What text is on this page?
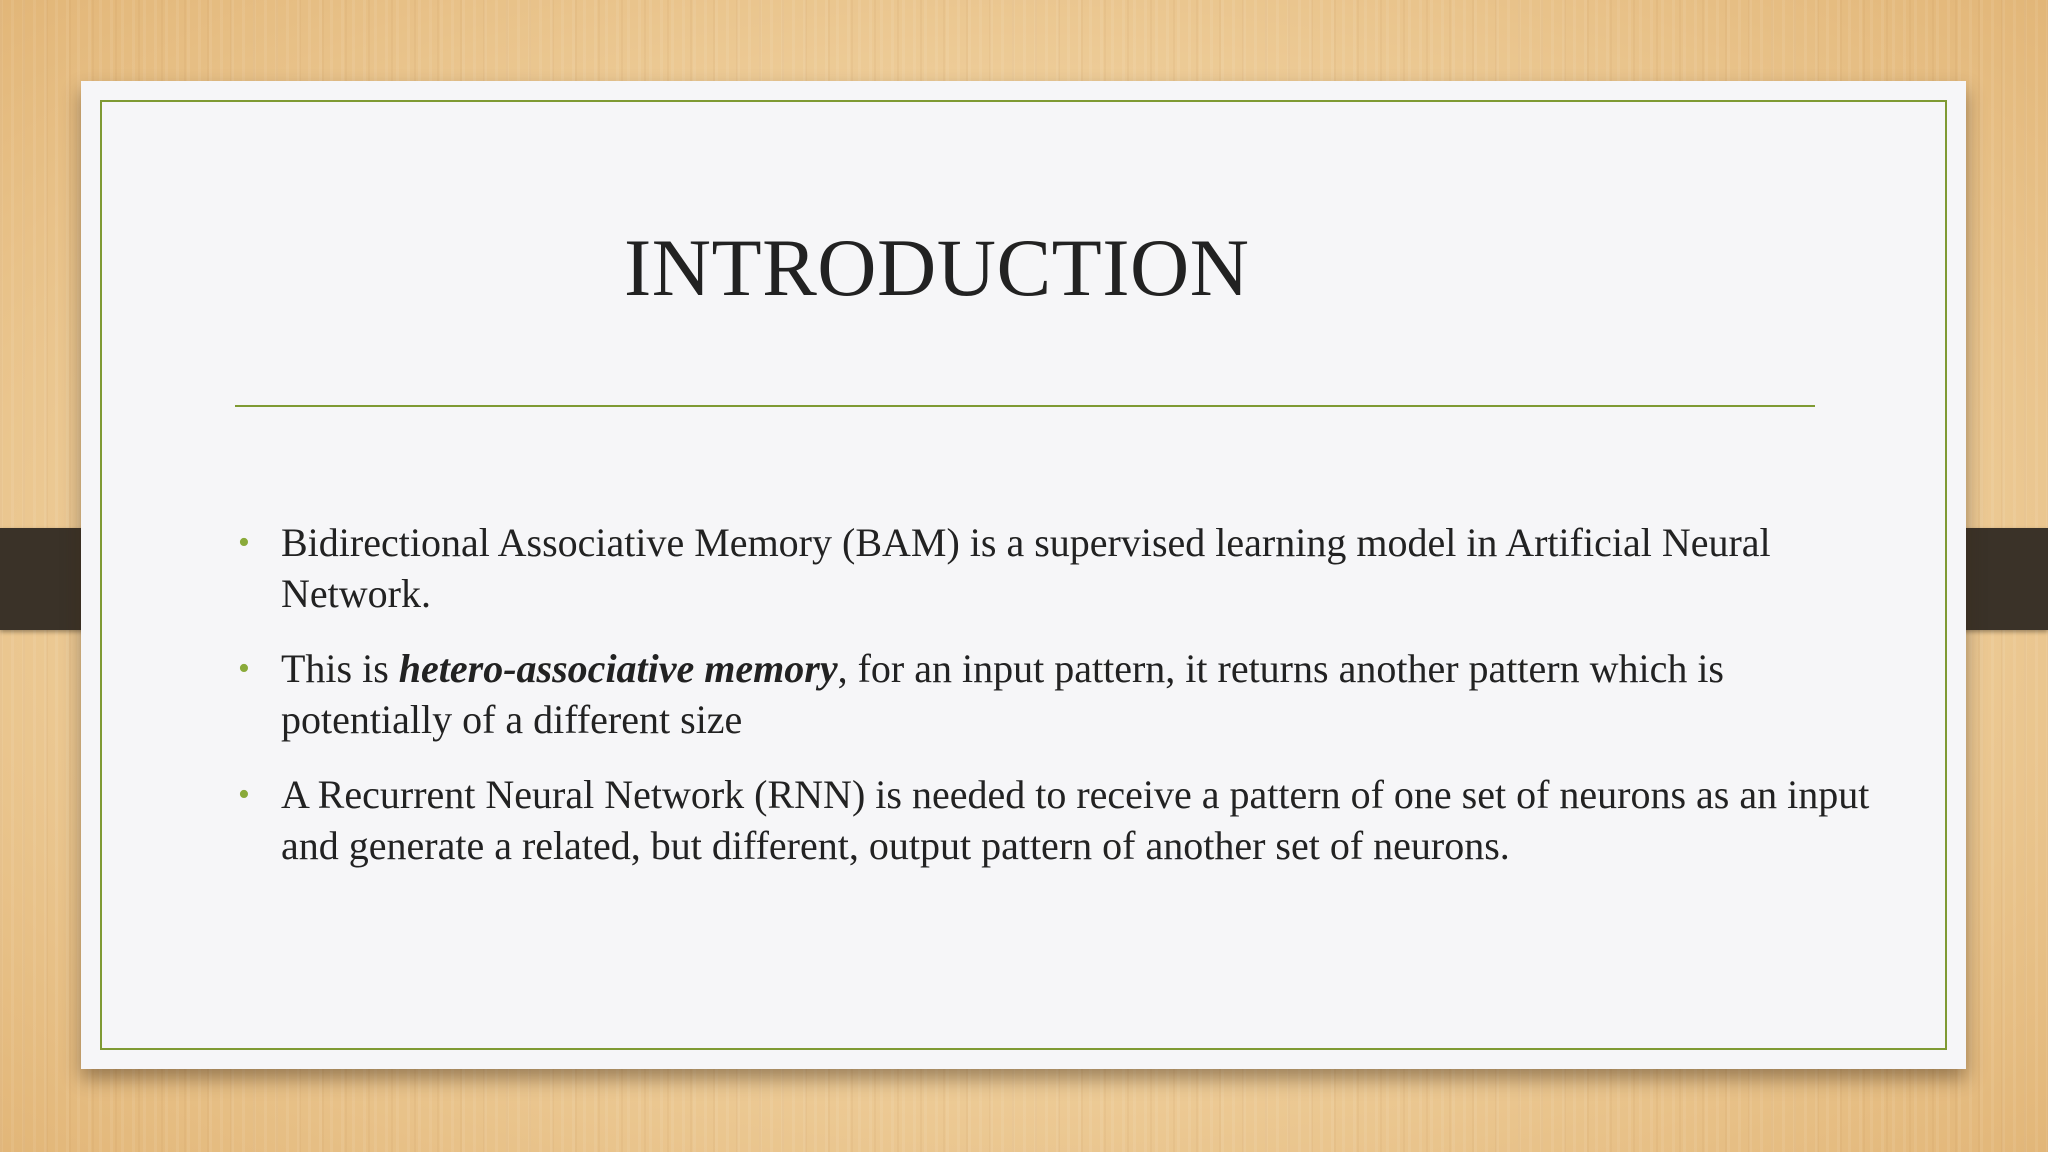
INTRODUCTION
• Bidirectional Associative Memory (BAM) is a supervised learning model in Artificial Neural Network.
• This is hetero-associative memory, for an input pattern, it returns another pattern which is potentially of a different size
• A Recurrent Neural Network (RNN) is needed to receive a pattern of one set of neurons as an input and generate a related, but different, output pattern of another set of neurons.
